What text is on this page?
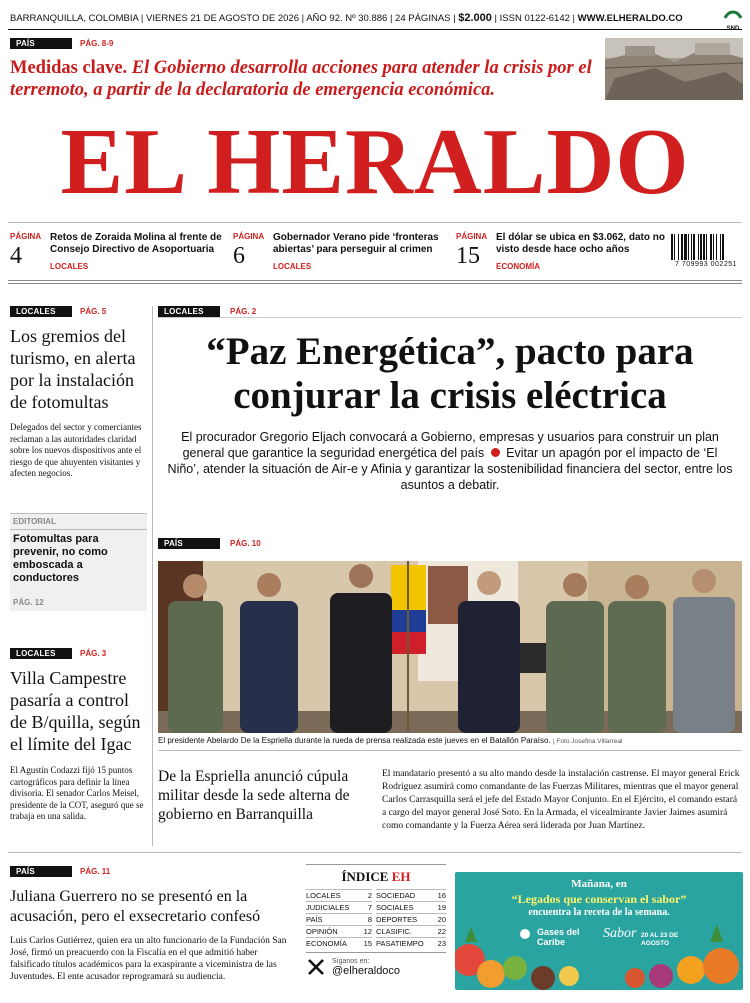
BARRANQUILLA, COLOMBIA | VIERNES 21 DE AGOSTO DE 2026 | AÑO 92. Nº 30.886 | 24 PÁGINAS | $2.000 | ISSN 0122-6142 | WWW.ELHERALDO.CO
PAÍS	PÁG. 8-9
Medidas clave. El Gobierno desarrolla acciones para atender la crisis por el terremoto, a partir de la declaratoria de emergencia económica.
EL HERALDO
PÁGINA
4
Retos de Zoraida Molina al frente de Consejo Directivo de Asoportuaria
LOCALES
PÁGINA
6
Gobernador Verano pide ‘fronteras abiertas’ para perseguir al crimen
LOCALES
PÁGINA
15
El dólar se ubica en $3.062, dato no visto desde hace ocho años
ECONOMÍA	7 709993 002251
LOCALES	PÁG. 5
Los gremios del turismo, en alerta por la instalación de fotomultas
Delegados del sector y comerciantes reclaman a las autoridades claridad sobre los nuevos dispositivos ante el riesgo de que ahuyenten visitantes y afecten negocios.
EDITORIAL
Fotomultas para prevenir, no como emboscada a conductores
PÁG. 12
LOCALES	PÁG. 3
Villa Campestre pasaría a control de B/quilla, según el límite del Igac
El Agustín Codazzi fijó 15 puntos cartográficos para definir la línea divisoria. El senador Carlos Meisel, presidente de la COT, aseguró que se trabaja en una salida.
LOCALES	PÁG. 2
“Paz Energética”, pacto para conjurar la crisis eléctrica
El procurador Gregorio Eljach convocará a Gobierno, empresas y usuarios para construir un plan general que garantice la seguridad energética del país Evitar un apagón por el impacto de ‘El Niño’, atender la situación de Air-e y Afinia y garantizar la sostenibilidad financiera del sector, entre los asuntos a debatir.
PAÍS	PÁG. 10
El presidente Abelardo De la Espriella durante la rueda de prensa realizada este jueves en el Batallón Paraíso. | Foto Josefina Villarreal
De la Espriella anunció cúpula militar desde la sede alterna de gobierno en Barranquilla
El mandatario presentó a su alto mando desde la instalación castrense. El mayor general Erick Rodríguez asumirá como comandante de las Fuerzas Militares, mientras que el mayor general Carlos Carrasquilla será el jefe del Estado Mayor Conjunto. En el Ejército, el comando estará a cargo del mayor general José Soto. En la Armada, el vicealmirante Javier Jaimes asumirá como comandante y la Fuerza Aérea será liderada por Juan Martínez.
PAÍS	PÁG. 11
Juliana Guerrero no se presentó en la acusación, pero el exsecretario confesó
Luis Carlos Gutiérrez, quien era un alto funcionario de la Fundación San José, firmó un preacuerdo con la Fiscalía en el que admitió haber falsificado títulos académicos para la exaspirante a viceministra de las Juventudes. El ente acusador reprogramará su audiencia.
ÍNDICE EH
LOCALES	2
JUDICIALES 7
PAÍS	8
OPINIÓN	12
ECONOMÍA 15
SOCIEDAD	16
SOCIALES	19
DEPORTES	20
CLASIFIC.	22
PASATIEMPO 23
Síganos en:
@elheraldoco
Mañana, en
“Legados que conservan el sabor”
encuentra la receta de la semana.
Gases del Caribe
Sabor 20 AL 23 DE AGOSTO
